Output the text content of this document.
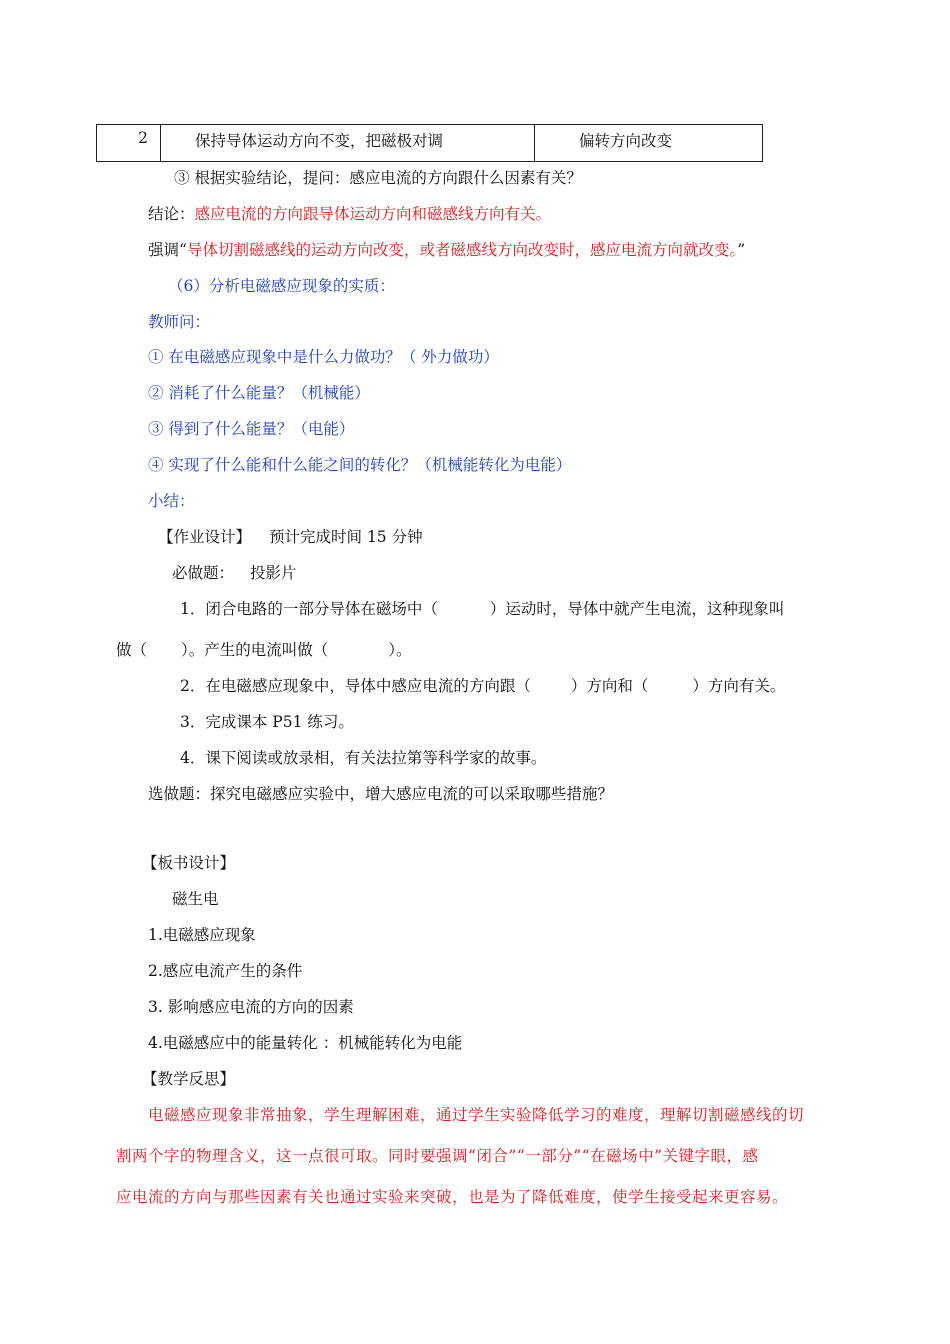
2	保持导体运动方向不变，把磁极对调	偏转方向改变
③ 根据实验结论，提问：感应电流的方向跟什么因素有关？
结论：感应电流的方向跟导体运动方向和磁感线方向有关。
强调“导体切割磁感线的运动方向改变，或者磁感线方向改变时，感应电流方向就改变。”
（6）分析电磁感应现象的实质：
教师问：
① 在电磁感应现象中是什么力做功？（ 外力做功）
② 消耗了什么能量？（机械能）
③ 得到了什么能量？（电能）
④ 实现了什么能和什么能之间的转化？（机械能转化为电能）
小结：
【作业设计】 预计完成时间 15 分钟
必做题： 投影片
1．闭合电路的一部分导体在磁场中（	）运动时，导体中就产生电流，这种现象叫
做（ ）。产生的电流叫做（	）。
2．在电磁感应现象中，导体中感应电流的方向跟（	）方向和（	）方向有关。
3．完成课本 P51 练习。
4．课下阅读或放录相，有关法拉第等科学家的故事。
选做题：探究电磁感应实验中，增大感应电流的可以采取哪些措施？
【板书设计】
磁生电
1.电磁感应现象
2.感应电流产生的条件
3. 影响感应电流的方向的因素
4.电磁感应中的能量转化 ：机械能转化为电能
【教学反思】
电磁感应现象非常抽象，学生理解困难，通过学生实验降低学习的难度，理解切割磁感线的切
割两个字的物理含义，这一点很可取。同时要强调“闭合”“一部分”“在磁场中”关键字眼，感
应电流的方向与那些因素有关也通过实验来突破，也是为了降低难度，使学生接受起来更容易。
